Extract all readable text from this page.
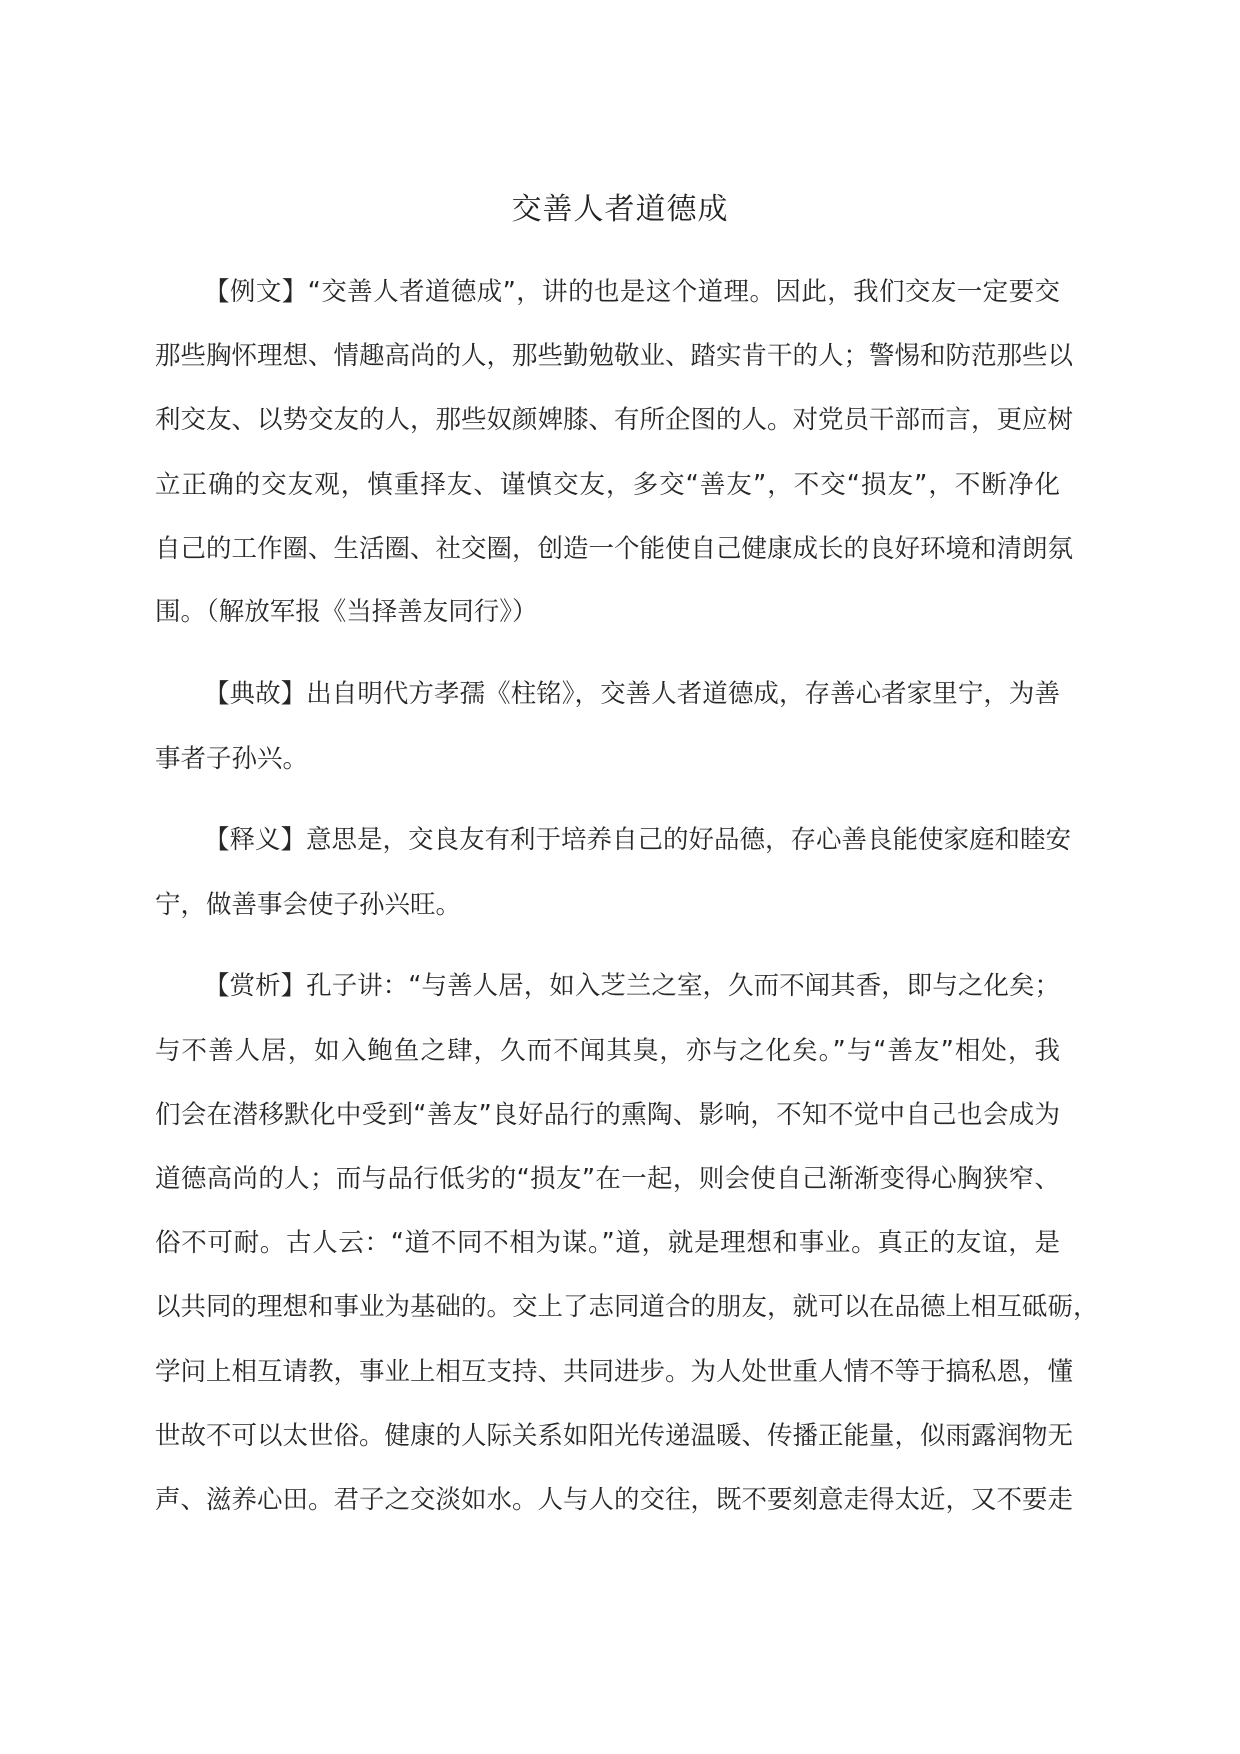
交善人者道德成
【例文】“交善人者道德成”，讲的也是这个道理。因此，我们交友一定要交
那些胸怀理想、情趣高尚的人，那些勤勉敬业、踏实肯干的人；警惕和防范那些以
利交友、以势交友的人，那些奴颜婢膝、有所企图的人。对党员干部而言，更应树
立正确的交友观，慎重择友、谨慎交友，多交“善友”，不交“损友”，不断净化
自己的工作圈、生活圈、社交圈，创造一个能使自己健康成长的良好环境和清朗氛
围。（解放军报《当择善友同行》）
【典故】出自明代方孝孺《柱铭》，交善人者道德成，存善心者家里宁，为善
事者子孙兴。
【释义】意思是，交良友有利于培养自己的好品德，存心善良能使家庭和睦安
宁，做善事会使子孙兴旺。
【赏析】孔子讲：“与善人居，如入芝兰之室，久而不闻其香，即与之化矣；
与不善人居，如入鲍鱼之肆，久而不闻其臭，亦与之化矣。”与“善友”相处，我
们会在潜移默化中受到“善友”良好品行的熏陶、影响，不知不觉中自己也会成为
道德高尚的人；而与品行低劣的“损友”在一起，则会使自己渐渐变得心胸狭窄、
俗不可耐。古人云：“道不同不相为谋。”道，就是理想和事业。真正的友谊，是
以共同的理想和事业为基础的。交上了志同道合的朋友，就可以在品德上相互砥砺，
学问上相互请教，事业上相互支持、共同进步。为人处世重人情不等于搞私恩，懂
世故不可以太世俗。健康的人际关系如阳光传递温暖、传播正能量，似雨露润物无
声、滋养心田。君子之交淡如水。人与人的交往，既不要刻意走得太近，又不要走
